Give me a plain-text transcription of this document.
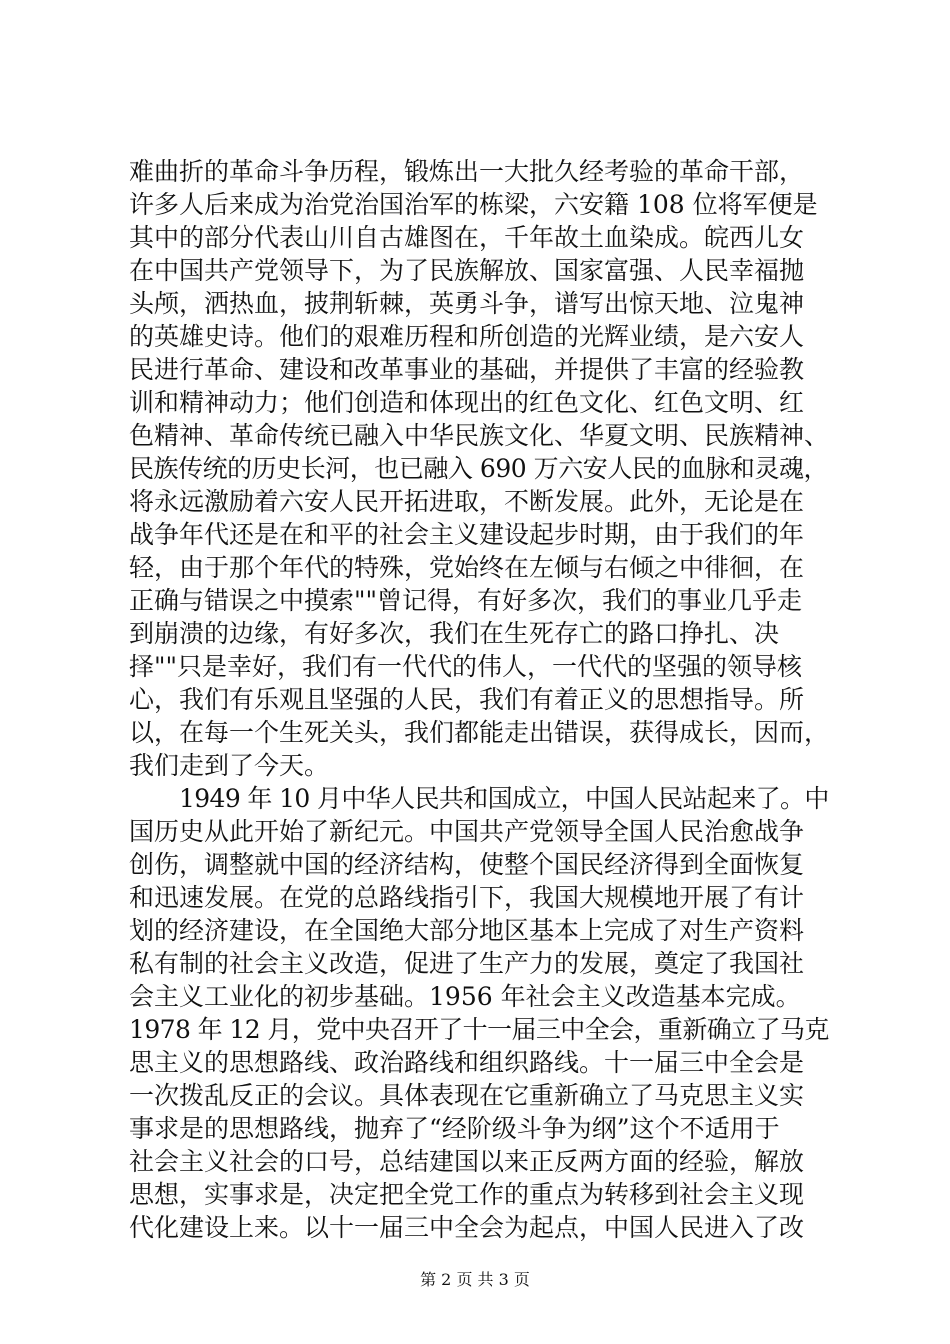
难曲折的革命斗争历程，锻炼出一大批久经考验的革命干部，
许多人后来成为治党治国治军的栋梁，六安籍 108 位将军便是
其中的部分代表山川自古雄图在，千年故土血染成。皖西儿女
在中国共产党领导下，为了民族解放、国家富强、人民幸福抛
头颅，洒热血，披荆斩棘，英勇斗争，谱写出惊天地、泣鬼神
的英雄史诗。他们的艰难历程和所创造的光辉业绩，是六安人
民进行革命、建设和改革事业的基础，并提供了丰富的经验教
训和精神动力；他们创造和体现出的红色文化、红色文明、红
色精神、革命传统已融入中华民族文化、华夏文明、民族精神、
民族传统的历史长河，也已融入 690 万六安人民的血脉和灵魂，
将永远激励着六安人民开拓进取，不断发展。此外，无论是在
战争年代还是在和平的社会主义建设起步时期，由于我们的年
轻，由于那个年代的特殊，党始终在左倾与右倾之中徘徊，在
正确与错误之中摸索""曾记得，有好多次，我们的事业几乎走
到崩溃的边缘，有好多次，我们在生死存亡的路口挣扎、决
择""只是幸好，我们有一代代的伟人，一代代的坚强的领导核
心，我们有乐观且坚强的人民，我们有着正义的思想指导。所
以，在每一个生死关头，我们都能走出错误，获得成长，因而，
我们走到了今天。
1949 年 10 月中华人民共和国成立，中国人民站起来了。中
国历史从此开始了新纪元。中国共产党领导全国人民治愈战争
创伤，调整就中国的经济结构，使整个国民经济得到全面恢复
和迅速发展。在党的总路线指引下，我国大规模地开展了有计
划的经济建设，在全国绝大部分地区基本上完成了对生产资料
私有制的社会主义改造，促进了生产力的发展，奠定了我国社
会主义工业化的初步基础。1956 年社会主义改造基本完成。
1978 年 12 月，党中央召开了十一届三中全会，重新确立了马克
思主义的思想路线、政治路线和组织路线。十一届三中全会是
一次拨乱反正的会议。具体表现在它重新确立了马克思主义实
事求是的思想路线，抛弃了“经阶级斗争为纲”这个不适用于
社会主义社会的口号，总结建国以来正反两方面的经验，解放
思想，实事求是，决定把全党工作的重点为转移到社会主义现
代化建设上来。以十一届三中全会为起点，中国人民进入了改
第 2 页 共 3 页
